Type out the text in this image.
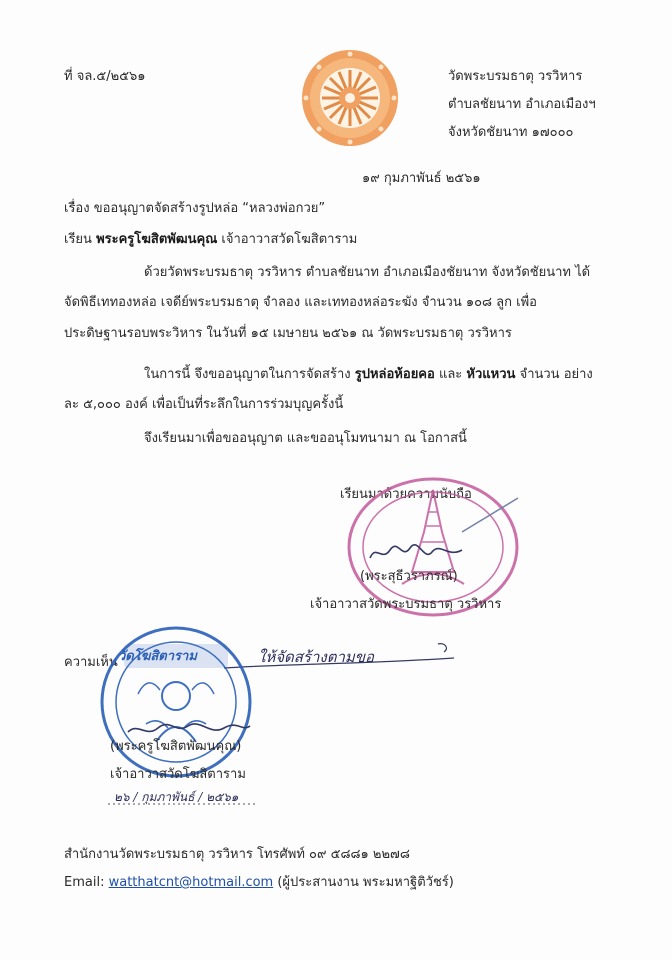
ที่ จล.๕/๒๕๖๑	วัดพระบรมธาตุ วรวิหาร
ตำบลชัยนาท อำเภอเมืองฯ
จังหวัดชัยนาท ๑๗๐๐๐
๑๙ กุมภาพันธ์ ๒๕๖๑
เรื่อง ขออนุญาตจัดสร้างรูปหล่อ “หลวงพ่อกวย”
เรียน พระครูโฆสิตพัฒนคุณ เจ้าอาวาสวัดโฆสิตาราม
ด้วยวัดพระบรมธาตุ วรวิหาร ตำบลชัยนาท อำเภอเมืองชัยนาท จังหวัดชัยนาท ได้
จัดพิธีเททองหล่อ เจดีย์พระบรมธาตุ จำลอง และเททองหล่อระฆัง จำนวน ๑๐๘ ลูก เพื่อ
ประดิษฐานรอบพระวิหาร ในวันที่ ๑๕ เมษายน ๒๕๖๑ ณ วัดพระบรมธาตุ วรวิหาร
ในการนี้ จึงขออนุญาตในการจัดสร้าง รูปหล่อห้อยคอ และ หัวแหวน จำนวน อย่าง
ละ ๕,๐๐๐ องค์ เพื่อเป็นที่ระลึกในการร่วมบุญครั้งนี้
จึงเรียนมาเพื่อขออนุญาต และขออนุโมทนามา ณ โอกาสนี้
เรียนมาด้วยความนับถือ
(พระสุธีวราภรณ์)
เจ้าอาวาสวัดพระบรมธาตุ วรวิหาร
ความเห็น	ให้จัดสร้างตามขอ
วัดโฆสิตาราม
(พระครูโฆสิตพัฒนคุณ)
เจ้าอาวาสวัดโฆสิตาราม
๒๖ / กุมภาพันธ์ / ๒๕๖๑
สำนักงานวัดพระบรมธาตุ วรวิหาร โทรศัพท์ ๐๙ ๕๘๘๑ ๒๒๗๘
Email: watthatcnt@hotmail.com (ผู้ประสานงาน พระมหาฐิติวัชร์)
